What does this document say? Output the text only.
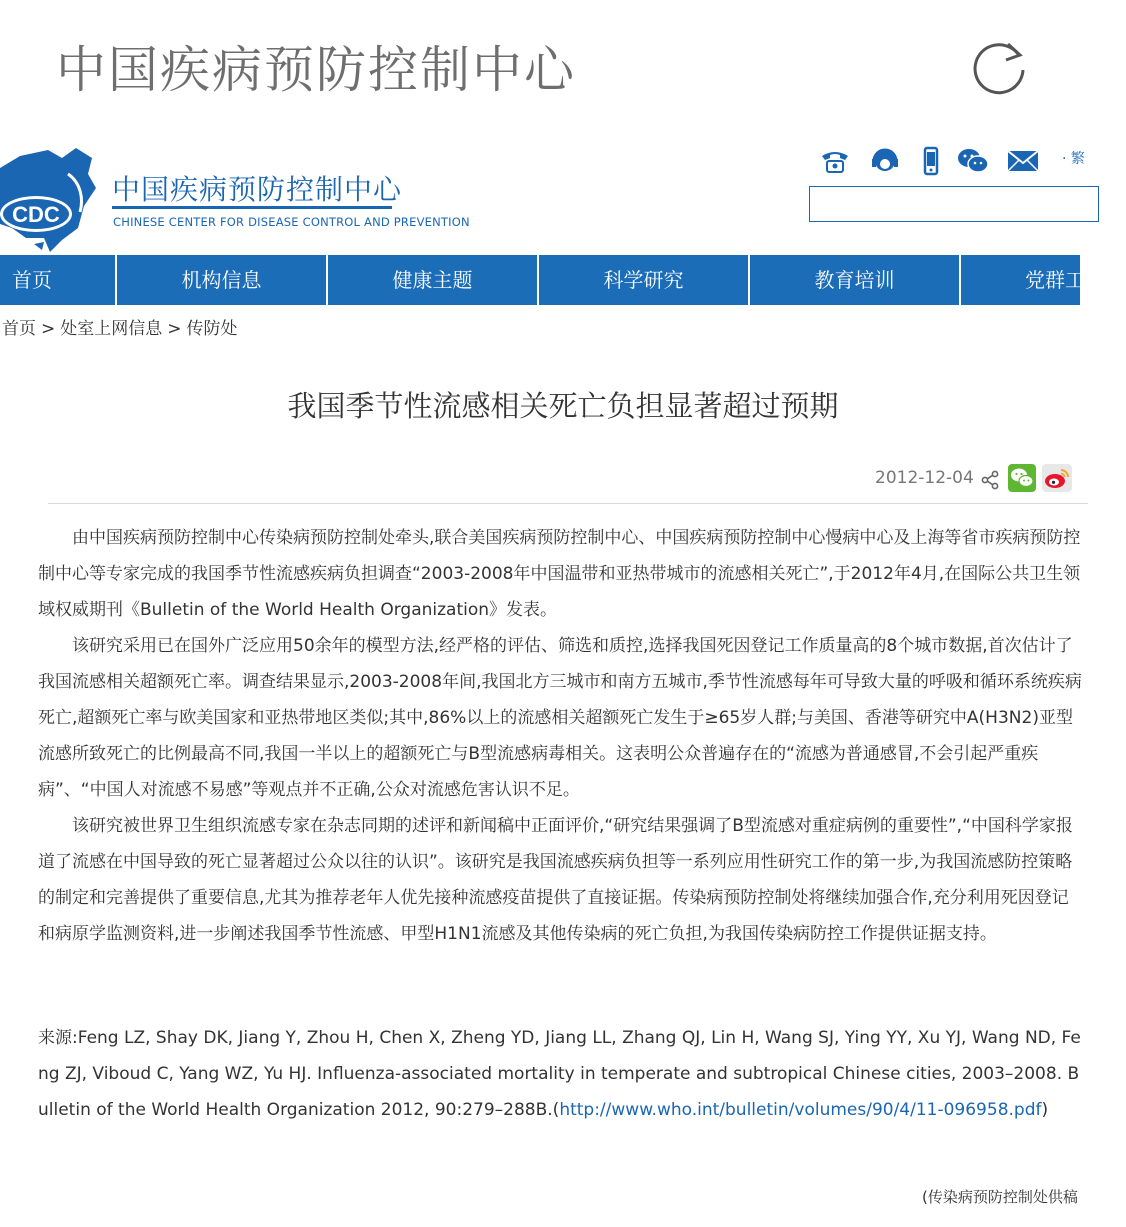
中国疾病预防控制中心
CDC
中国疾病预防控制中心
CHINESE CENTER FOR DISEASE CONTROL AND PREVENTION
· 繁
首页	机构信息	健康主题	科学研究	教育培训	党群工
首页 > 处室上网信息 > 传防处
我国季节性流感相关死亡负担显著超过预期
2012-12-04

由中国疾病预防控制中心传染病预防控制处牵头,联合美国疾病预防控制中心、中国疾病预防控制中心慢病中心及上海等省市疾病预防控制中心等专家完成的我国季节性流感疾病负担调查“2003-2008年中国温带和亚热带城市的流感相关死亡”,于2012年4月,在国际公共卫生领域权威期刊《Bulletin of the World Health Organization》发表。

该研究采用已在国外广泛应用50余年的模型方法,经严格的评估、筛选和质控,选择我国死因登记工作质量高的8个城市数据,首次估计了我国流感相关超额死亡率。调查结果显示,2003-2008年间,我国北方三城市和南方五城市,季节性流感每年可导致大量的呼吸和循环系统疾病死亡,超额死亡率与欧美国家和亚热带地区类似;其中,86%以上的流感相关超额死亡发生于≥65岁人群;与美国、香港等研究中A(H3N2)亚型流感所致死亡的比例最高不同,我国一半以上的超额死亡与B型流感病毒相关。这表明公众普遍存在的“流感为普通感冒,不会引起严重疾病”、“中国人对流感不易感”等观点并不正确,公众对流感危害认识不足。

该研究被世界卫生组织流感专家在杂志同期的述评和新闻稿中正面评价,“研究结果强调了B型流感对重症病例的重要性”,“中国科学家报道了流感在中国导致的死亡显著超过公众以往的认识”。该研究是我国流感疾病负担等一系列应用性研究工作的第一步,为我国流感防控策略的制定和完善提供了重要信息,尤其为推荐老年人优先接种流感疫苗提供了直接证据。传染病预防控制处将继续加强合作,充分利用死因登记和病原学监测资料,进一步阐述我国季节性流感、甲型H1N1流感及其他传染病的死亡负担,为我国传染病防控工作提供证据支持。

来源:Feng LZ, Shay DK, Jiang Y, Zhou H, Chen X, Zheng YD, Jiang LL, Zhang QJ, Lin H, Wang SJ, Ying YY, Xu YJ, Wang ND, Feng ZJ, Viboud C, Yang WZ, Yu HJ. Influenza-associated mortality in temperate and subtropical Chinese cities, 2003–2008. Bulletin of the World Health Organization 2012, 90:279–288B.(http://www.who.int/bulletin/volumes/90/4/11-096958.pdf)
(传染病预防控制处供稿
